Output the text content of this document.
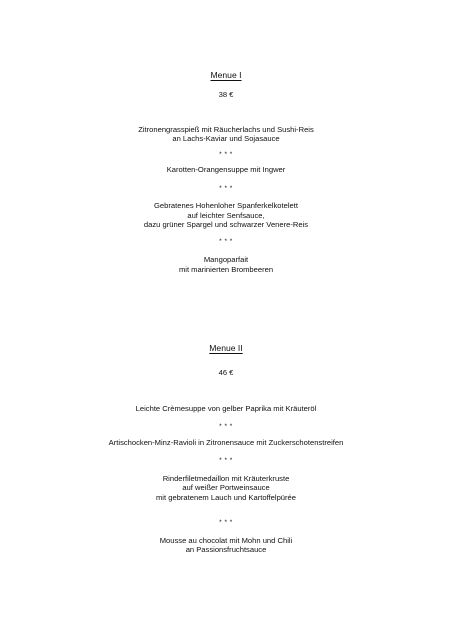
Menue I
38 €
Zitronengrasspieß mit Räucherlachs und Sushi-Reis
an Lachs-Kaviar und Sojasauce
* * *
Karotten-Orangensuppe mit Ingwer
* * *
Gebratenes Hohenloher Spanferkelkotelett
auf leichter Senfsauce,
dazu grüner Spargel und schwarzer Venere-Reis
* * *
Mangoparfait
mit marinierten Brombeeren
Menue II
46 €
Leichte Crèmesuppe von gelber Paprika mit Kräuteröl
* * *
Artischocken-Minz-Ravioli in Zitronensauce mit Zuckerschotenstreifen
* * *
Rinderfiletmedaillon mit Kräuterkruste
auf weißer Portweinsauce
mit gebratenem Lauch und Kartoffelpürée
* * *
Mousse au chocolat mit Mohn und Chili
an Passionsfruchtsauce
